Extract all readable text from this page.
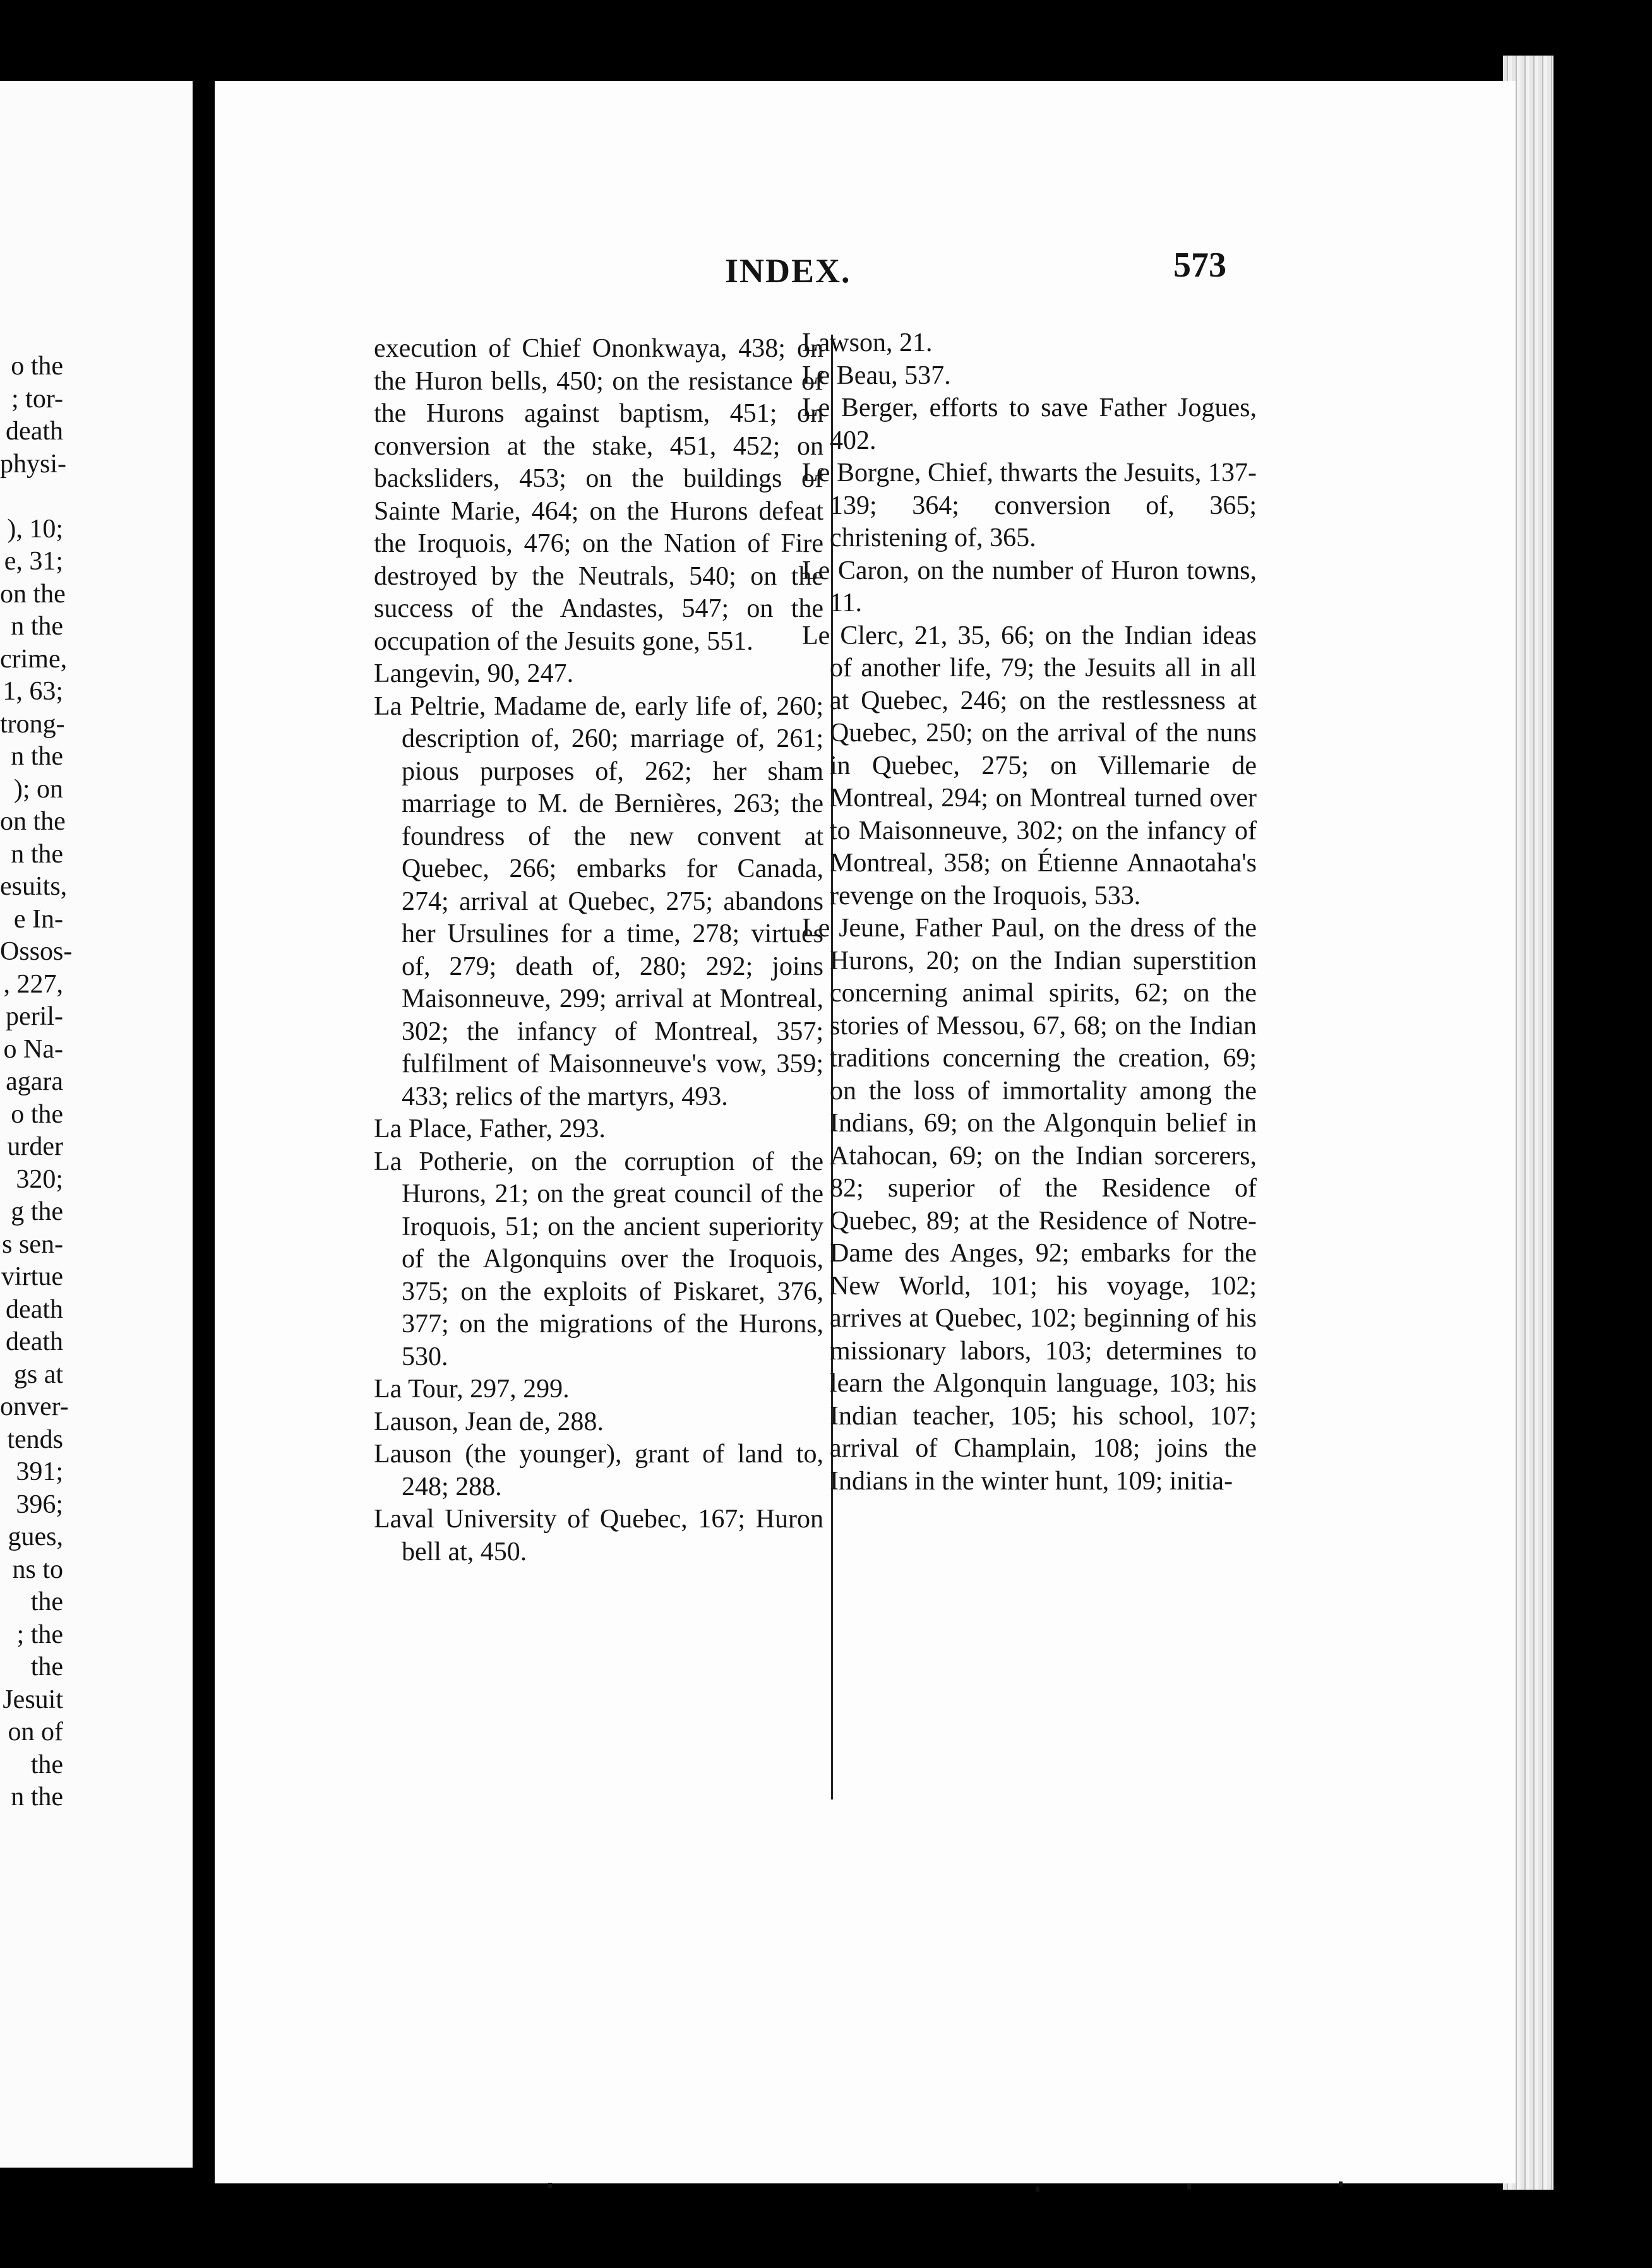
o the
; tor-
death
physi-
), 10;
e, 31;
on the
n the
crime,
1, 63;
trong-
n the
); on
on the
n the
esuits,
e In-
Ossos-
, 227,
peril-
o Na-
agara
o the
urder
320;
g the
s sen-
virtue
death
death
gs at
onver-
tends
391;
396;
gues,
ns to
the
; the
the
Jesuit
on of
the
n the
INDEX.	573

execution of Chief Ononkwaya, 438; on the Huron bells, 450; on the resistance of the Hurons against baptism, 451; on conversion at the stake, 451, 452; on backsliders, 453; on the buildings of Sainte Marie, 464; on the Hurons defeat the Iroquois, 476; on the Nation of Fire destroyed by the Neutrals, 540; on the success of the Andastes, 547; on the occupation of the Jesuits gone, 551.

Langevin, 90, 247.

La Peltrie, Madame de, early life of, 260; description of, 260; marriage of, 261; pious purposes of, 262; her sham marriage to M. de Bernières, 263; the foundress of the new convent at Quebec, 266; embarks for Canada, 274; arrival at Quebec, 275; abandons her Ursulines for a time, 278; virtues of, 279; death of, 280; 292; joins Maisonneuve, 299; arrival at Montreal, 302; the infancy of Montreal, 357; fulfilment of Maisonneuve's vow, 359; 433; relics of the martyrs, 493.

La Place, Father, 293.

La Potherie, on the corruption of the Hurons, 21; on the great council of the Iroquois, 51; on the ancient superiority of the Algonquins over the Iroquois, 375; on the exploits of Piskaret, 376, 377; on the migrations of the Hurons, 530.

La Tour, 297, 299.

Lauson, Jean de, 288.

Lauson (the younger), grant of land to, 248; 288.

Laval University of Quebec, 167; Huron bell at, 450.

Lawson, 21.

Le Beau, 537.

Le Berger, efforts to save Father Jogues, 402.

Le Borgne, Chief, thwarts the Jesuits, 137-139; 364; conversion of, 365; christening of, 365.

Le Caron, on the number of Huron towns, 11.

Le Clerc, 21, 35, 66; on the Indian ideas of another life, 79; the Jesuits all in all at Quebec, 246; on the restlessness at Quebec, 250; on the arrival of the nuns in Quebec, 275; on Villemarie de Montreal, 294; on Montreal turned over to Maisonneuve, 302; on the infancy of Montreal, 358; on Étienne Annaotaha's revenge on the Iroquois, 533.

Le Jeune, Father Paul, on the dress of the Hurons, 20; on the Indian superstition concerning animal spirits, 62; on the stories of Messou, 67, 68; on the Indian traditions concerning the creation, 69; on the loss of immortality among the Indians, 69; on the Algonquin belief in Atahocan, 69; on the Indian sorcerers, 82; superior of the Residence of Quebec, 89; at the Residence of Notre-Dame des Anges, 92; embarks for the New World, 101; his voyage, 102; arrives at Quebec, 102; beginning of his missionary labors, 103; determines to learn the Algonquin language, 103; his Indian teacher, 105; his school, 107; arrival of Champlain, 108; joins the Indians in the winter hunt, 109; initia-
